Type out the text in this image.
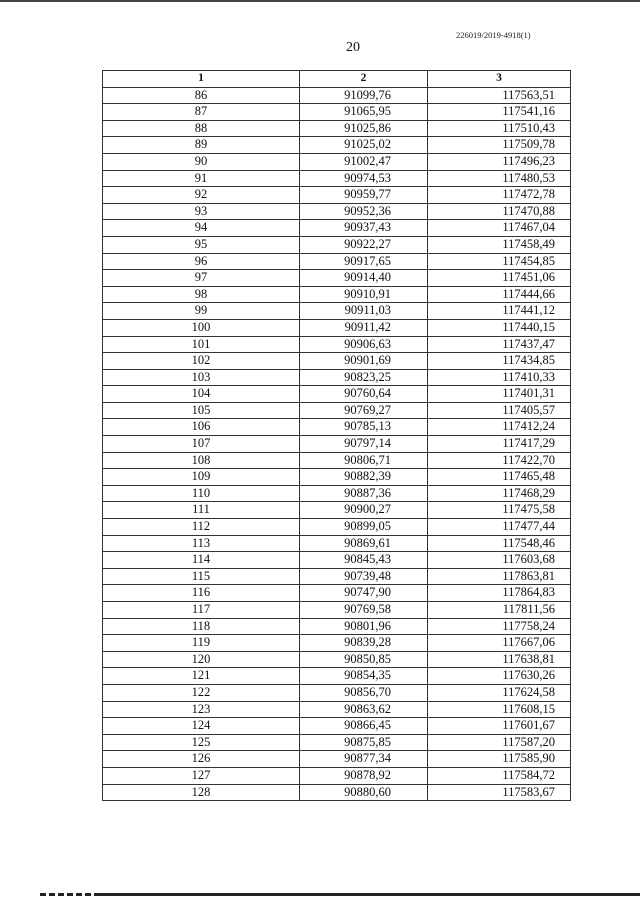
226019/2019-4918(1)
20
1	2	3
86	91099,76	117563,51
87	91065,95	117541,16
88	91025,86	117510,43
89	91025,02	117509,78
90	91002,47	117496,23
91	90974,53	117480,53
92	90959,77	117472,78
93	90952,36	117470,88
94	90937,43	117467,04
95	90922,27	117458,49
96	90917,65	117454,85
97	90914,40	117451,06
98	90910,91	117444,66
99	90911,03	117441,12
100	90911,42	117440,15
101	90906,63	117437,47
102	90901,69	117434,85
103	90823,25	117410,33
104	90760,64	117401,31
105	90769,27	117405,57
106	90785,13	117412,24
107	90797,14	117417,29
108	90806,71	117422,70
109	90882,39	117465,48
110	90887,36	117468,29
111	90900,27	117475,58
112	90899,05	117477,44
113	90869,61	117548,46
114	90845,43	117603,68
115	90739,48	117863,81
116	90747,90	117864,83
117	90769,58	117811,56
118	90801,96	117758,24
119	90839,28	117667,06
120	90850,85	117638,81
121	90854,35	117630,26
122	90856,70	117624,58
123	90863,62	117608,15
124	90866,45	117601,67
125	90875,85	117587,20
126	90877,34	117585,90
127	90878,92	117584,72
128	90880,60	117583,67
